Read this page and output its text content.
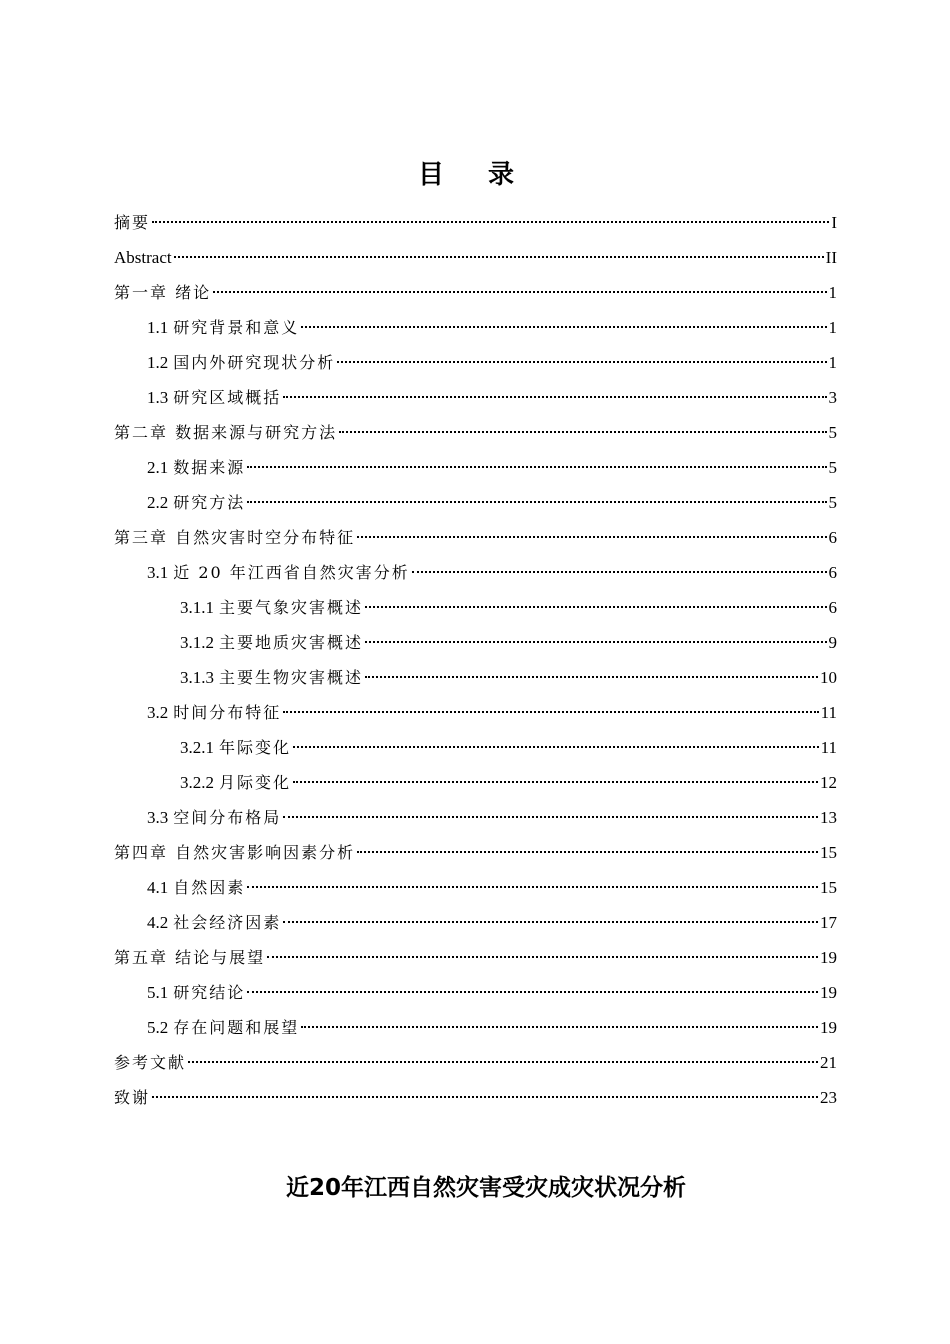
目录
摘要	I
Abstract	II
第一章 绪论	1
1.1 研究背景和意义	1
1.2 国内外研究现状分析	1
1.3 研究区域概括	3
第二章 数据来源与研究方法	5
2.1 数据来源	5
2.2 研究方法	5
第三章 自然灾害时空分布特征	6
3.1 近 20 年江西省自然灾害分析	6
3.1.1 主要气象灾害概述	6
3.1.2 主要地质灾害概述	9
3.1.3 主要生物灾害概述	10
3.2 时间分布特征	11
3.2.1 年际变化	11
3.2.2 月际变化	12
3.3 空间分布格局	13
第四章 自然灾害影响因素分析	15
4.1 自然因素	15
4.2 社会经济因素	17
第五章 结论与展望	19
5.1 研究结论	19
5.2 存在问题和展望	19
参考文献	21
致谢	23
近20年江西自然灾害受灾成灾状况分析
